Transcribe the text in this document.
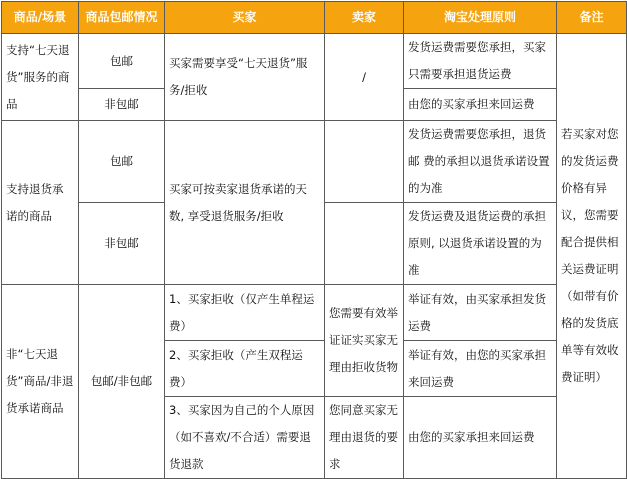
商品/场景	商品包邮情况	买家	卖家	淘宝处理原则	备注
支持“七天退货”服务的商品	包邮	买家需要享受“七天退货”服务/拒收	/	发货运费需要您承担，买家只需要承担退货运费	若买家对您的发货运费价格有异议，您需要配合提供相关运费证明（如带有价格的发货底单等有效收费证明）
	非包邮			由您的买家承担来回运费	
支持退货承诺的商品	包邮	买家可按卖家退货承诺的天数, 享受退货服务/拒收		发货运费需要您承担，退货邮 费的承担以退货承诺设置的为准	
	非包邮			发货运费及退货运费的承担原则, 以退货承诺设置的为准	
非“七天退货”商品/非退货承诺商品	包邮/非包邮	1、买家拒收（仅产生单程运费）	您需要有效举证证实买家无理由拒收货物	举证有效，由买家承担发货运费	
		2、买家拒收（产生双程运费）		举证有效，由您的买家承担来回运费	
		3、买家因为自己的个人原因（如不喜欢/不合适）需要退货退款	您同意买家无理由退货的要求	由您的买家承担来回运费	
